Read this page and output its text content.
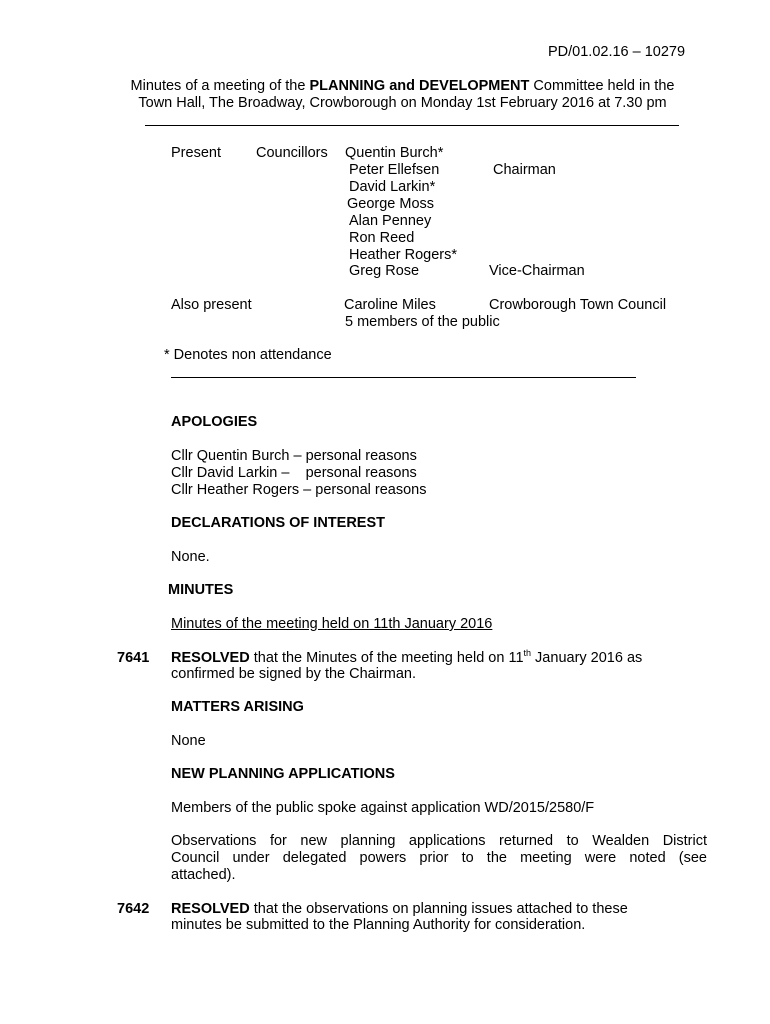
PD/01.02.16 – 10279
Minutes of a meeting of the PLANNING and DEVELOPMENT Committee held in the
Town Hall, The Broadway, Crowborough on Monday 1st February 2016 at 7.30 pm
Present Councillors Quentin Burch*
Peter Ellefsen	Chairman
David Larkin*
George Moss
Alan Penney
Ron Reed
Heather Rogers*
Greg Rose	Vice-Chairman
Also present	Caroline Miles	Crowborough Town Council
5 members of the public
* Denotes non attendance
APOLOGIES
Cllr Quentin Burch – personal reasons
Cllr David Larkin –    personal reasons
Cllr Heather Rogers – personal reasons
DECLARATIONS OF INTEREST
None.
MINUTES
Minutes of the meeting held on 11th January 2016
7641 RESOLVED that the Minutes of the meeting held on 11th January 2016 as
confirmed be signed by the Chairman.
MATTERS ARISING
None
NEW PLANNING APPLICATIONS
Members of the public spoke against application WD/2015/2580/F
Observations for new planning applications returned to Wealden District
Council under delegated powers prior to the meeting were noted (see
attached).
7642 RESOLVED that the observations on planning issues attached to these
minutes be submitted to the Planning Authority for consideration.
